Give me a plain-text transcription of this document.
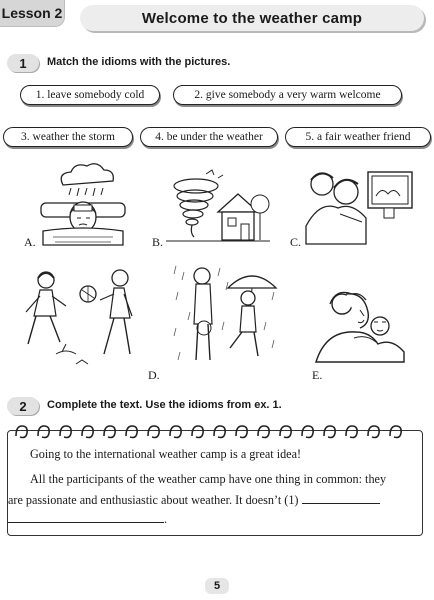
Lesson 2	Welcome to the weather camp
1	Match the idioms with the pictures.
1. leave somebody cold	2. give somebody a very warm welcome
3. weather the storm	4. be under the weather	5. a fair weather friend
A.	B.	C.
D.	E.
2	Complete the text. Use the idioms from ex. 1.
Going to the international weather camp is a great idea!
All the participants of the weather camp have one thing in common: they
are passionate and enthusiastic about weather. It doesn’t (1)
.
5
